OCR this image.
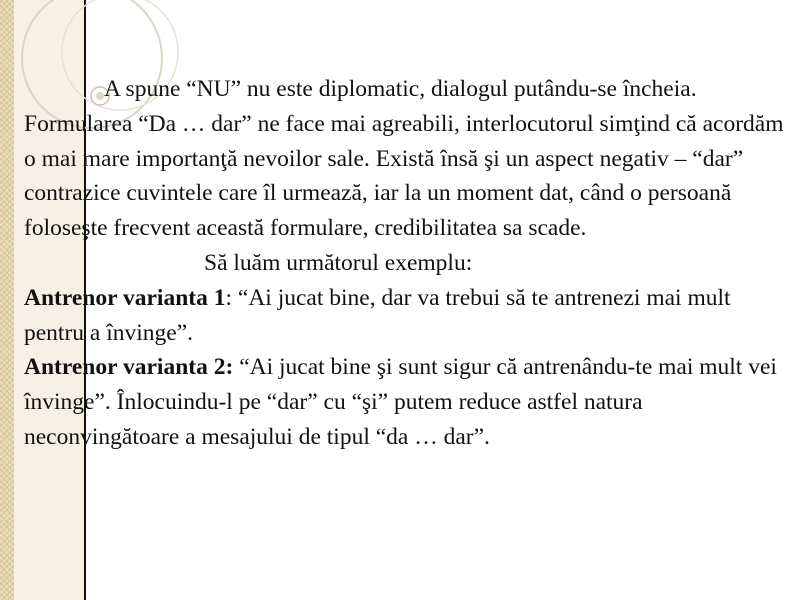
A spune “NU” nu este diplomatic, dialogul putându-se încheia. Formularea “Da … dar” ne face mai agreabili, interlocutorul simţind că acordăm o mai mare importanţă nevoilor sale. Există însă şi un aspect negativ – “dar” contrazice cuvintele care îl urmează, iar la un moment dat, când o persoană foloseşte frecvent această formulare, credibilitatea sa scade.

Să luăm următorul exemplu:

Antrenor varianta 1: “Ai jucat bine, dar va trebui să te antrenezi mai mult pentru a învinge”.

Antrenor varianta 2: “Ai jucat bine şi sunt sigur că antrenându-te mai mult vei învinge”. Înlocuindu-l pe “dar” cu “şi” putem reduce astfel natura neconvingătoare a mesajului de tipul “da … dar”.
